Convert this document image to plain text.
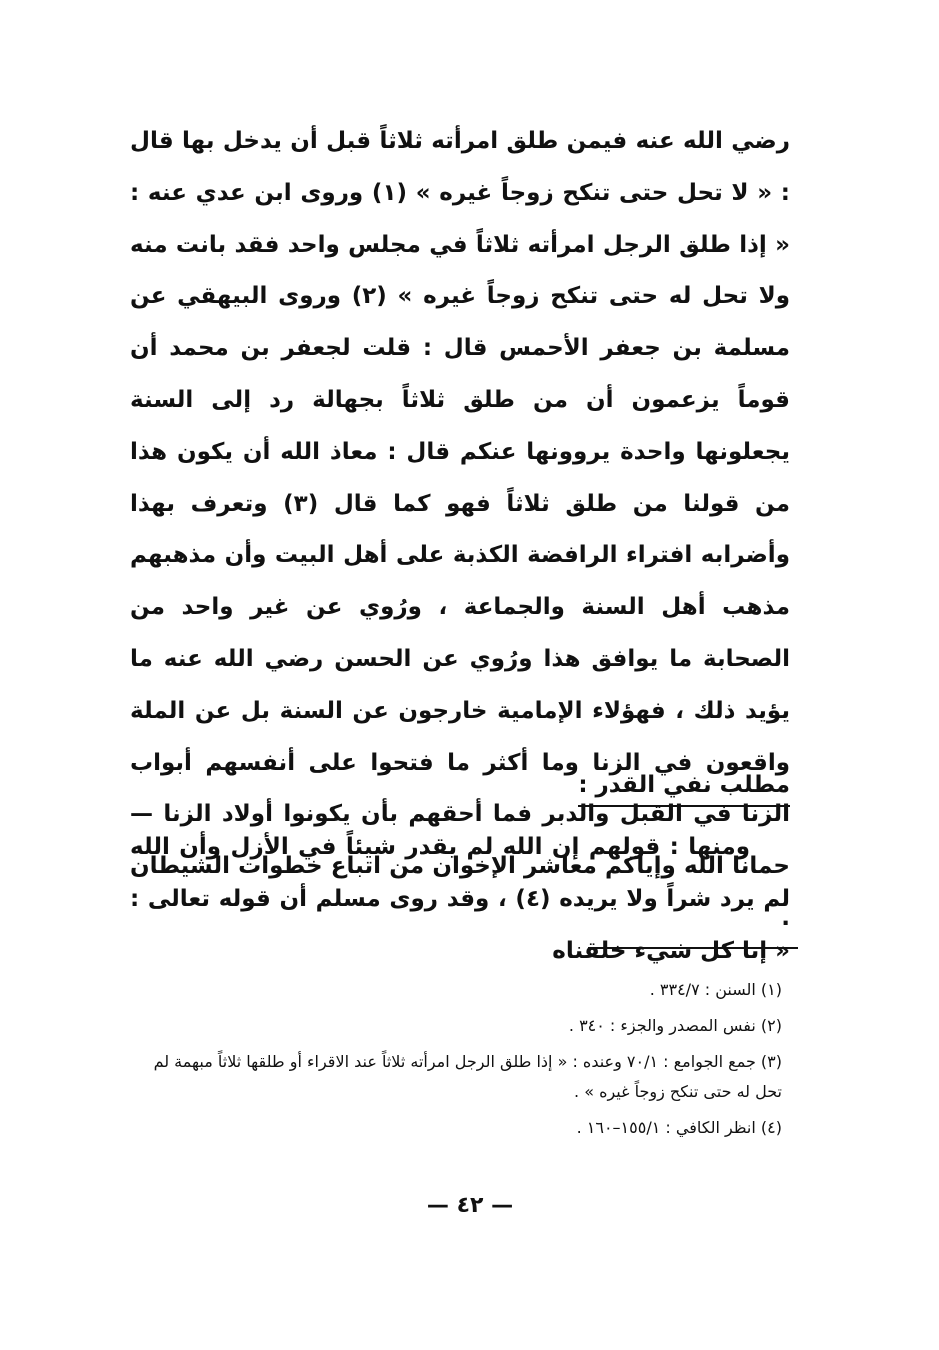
رضي الله عنه فيمن طلق امرأته ثلاثاً قبل أن يدخل بها قال : « لا تحل حتى تنكح زوجاً غيره » (١) وروى ابن عدي عنه : « إذا طلق الرجل امرأته ثلاثاً في مجلس واحد فقد بانت منه ولا تحل له حتى تنكح زوجاً غيره » (٢) وروى البيهقي عن مسلمة بن جعفر الأحمس قال : قلت لجعفر بن محمد أن قوماً يزعمون أن من طلق ثلاثاً بجهالة رد إلى السنة يجعلونها واحدة يروونها عنكم قال : معاذ الله أن يكون هذا من قولنا من طلق ثلاثاً فهو كما قال (٣) وتعرف بهذا وأضرابه افتراء الرافضة الكذبة على أهل البيت وأن مذهبهم مذهب أهل السنة والجماعة ، ورُوي عن غير واحد من الصحابة ما يوافق هذا ورُوي عن الحسن رضي الله عنه ما يؤيد ذلك ، فهؤلاء الإمامية خارجون عن السنة بل عن الملة واقعون في الزنا وما أكثر ما فتحوا على أنفسهم أبواب الزنا في القبل والدبر فما أحقهم بأن يكونوا أولاد الزنا — حمانا الله وإياكم معاشر الإخوان من اتباع خطوات الشيطان .

مطلب نفي القدر :

ومنها : قولهم إن الله لم يقدر شيئاً في الأزل وأن الله لم يرد شراً ولا يريده (٤) ، وقد روى مسلم أن قوله تعالى : « إنا كل شيء خلقناه

(١) السنن : ٣٣٤/٧ .
(٢) نفس المصدر والجزء : ٣٤٠ .
(٣) جمع الجوامع : ٧٠/١ وعنده : « إذا طلق الرجل امرأته ثلاثاً عند الاقراء أو طلقها ثلاثاً مبهمة لم تحل له حتى تنكح زوجاً غيره » .
(٤) انظر الكافي : ١٥٥/١–١٦٠ .
— ٤٢ —
